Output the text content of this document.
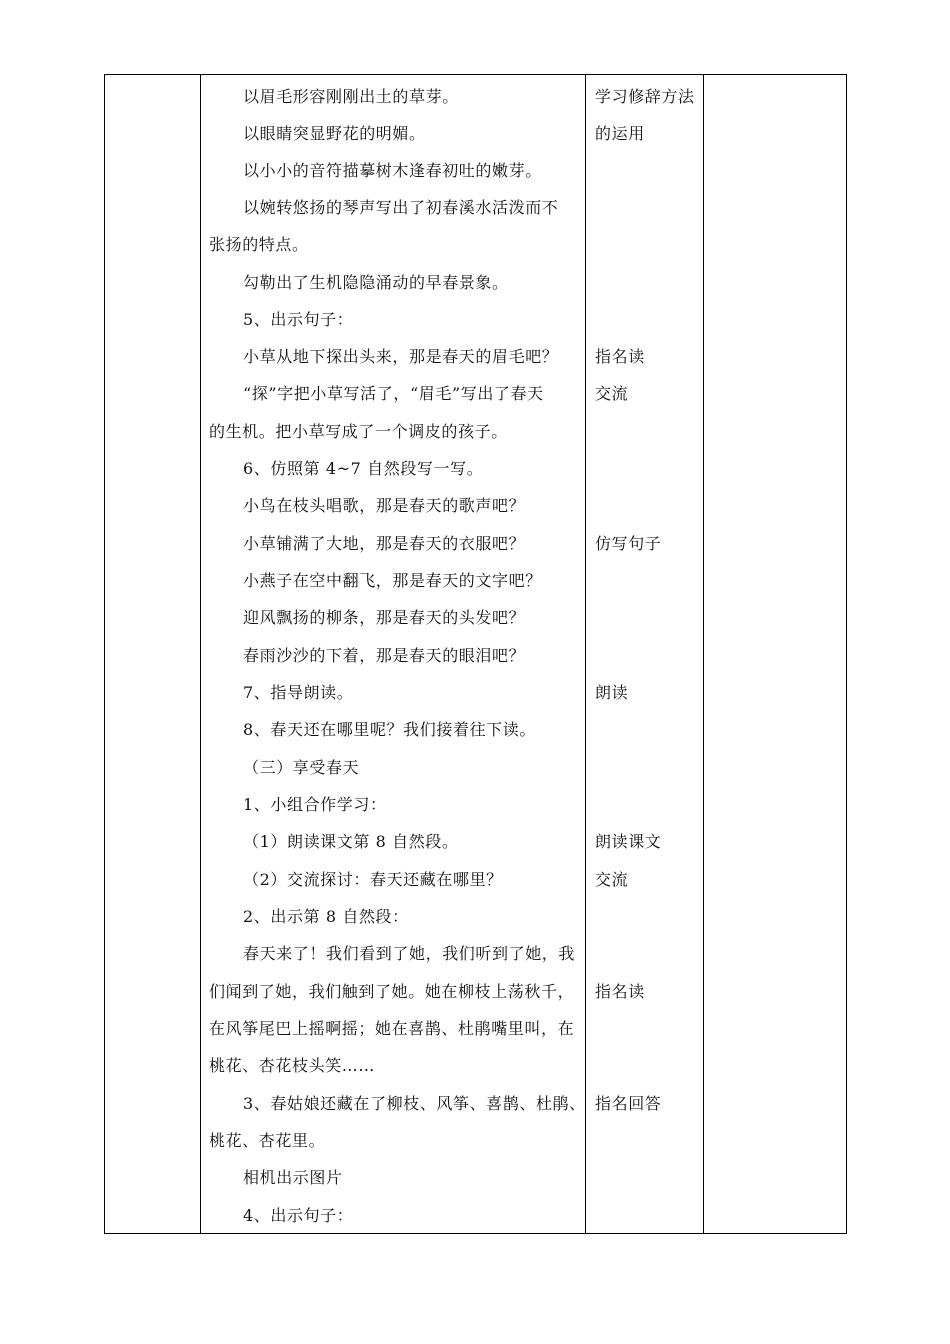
以眉毛形容刚刚出土的草芽。
以眼睛突显野花的明媚。
以小小的音符描摹树木逢春初吐的嫩芽。
以婉转悠扬的琴声写出了初春溪水活泼而不
张扬的特点。
勾勒出了生机隐隐涌动的早春景象。
5、出示句子：
小草从地下探出头来，那是春天的眉毛吧？
“探”字把小草写活了，“眉毛”写出了春天
的生机。把小草写成了一个调皮的孩子。
6、仿照第 4~7 自然段写一写。
小鸟在枝头唱歌，那是春天的歌声吧？
小草铺满了大地，那是春天的衣服吧？
小燕子在空中翻飞，那是春天的文字吧？
迎风飘扬的柳条，那是春天的头发吧？
春雨沙沙的下着，那是春天的眼泪吧？
7、指导朗读。
8、春天还在哪里呢？我们接着往下读。
（三）享受春天
1、小组合作学习：
（1）朗读课文第 8 自然段。
（2）交流探讨：春天还藏在哪里？
2、出示第 8 自然段：
春天来了！我们看到了她，我们听到了她，我
们闻到了她，我们触到了她。她在柳枝上荡秋千，
在风筝尾巴上摇啊摇；她在喜鹊、杜鹃嘴里叫，在
桃花、杏花枝头笑……
3、春姑娘还藏在了柳枝、风筝、喜鹊、杜鹃、
桃花、杏花里。
相机出示图片
4、出示句子：
学习修辞方法
的运用
指名读
交流
仿写句子
朗读
朗读课文
交流
指名读
指名回答
